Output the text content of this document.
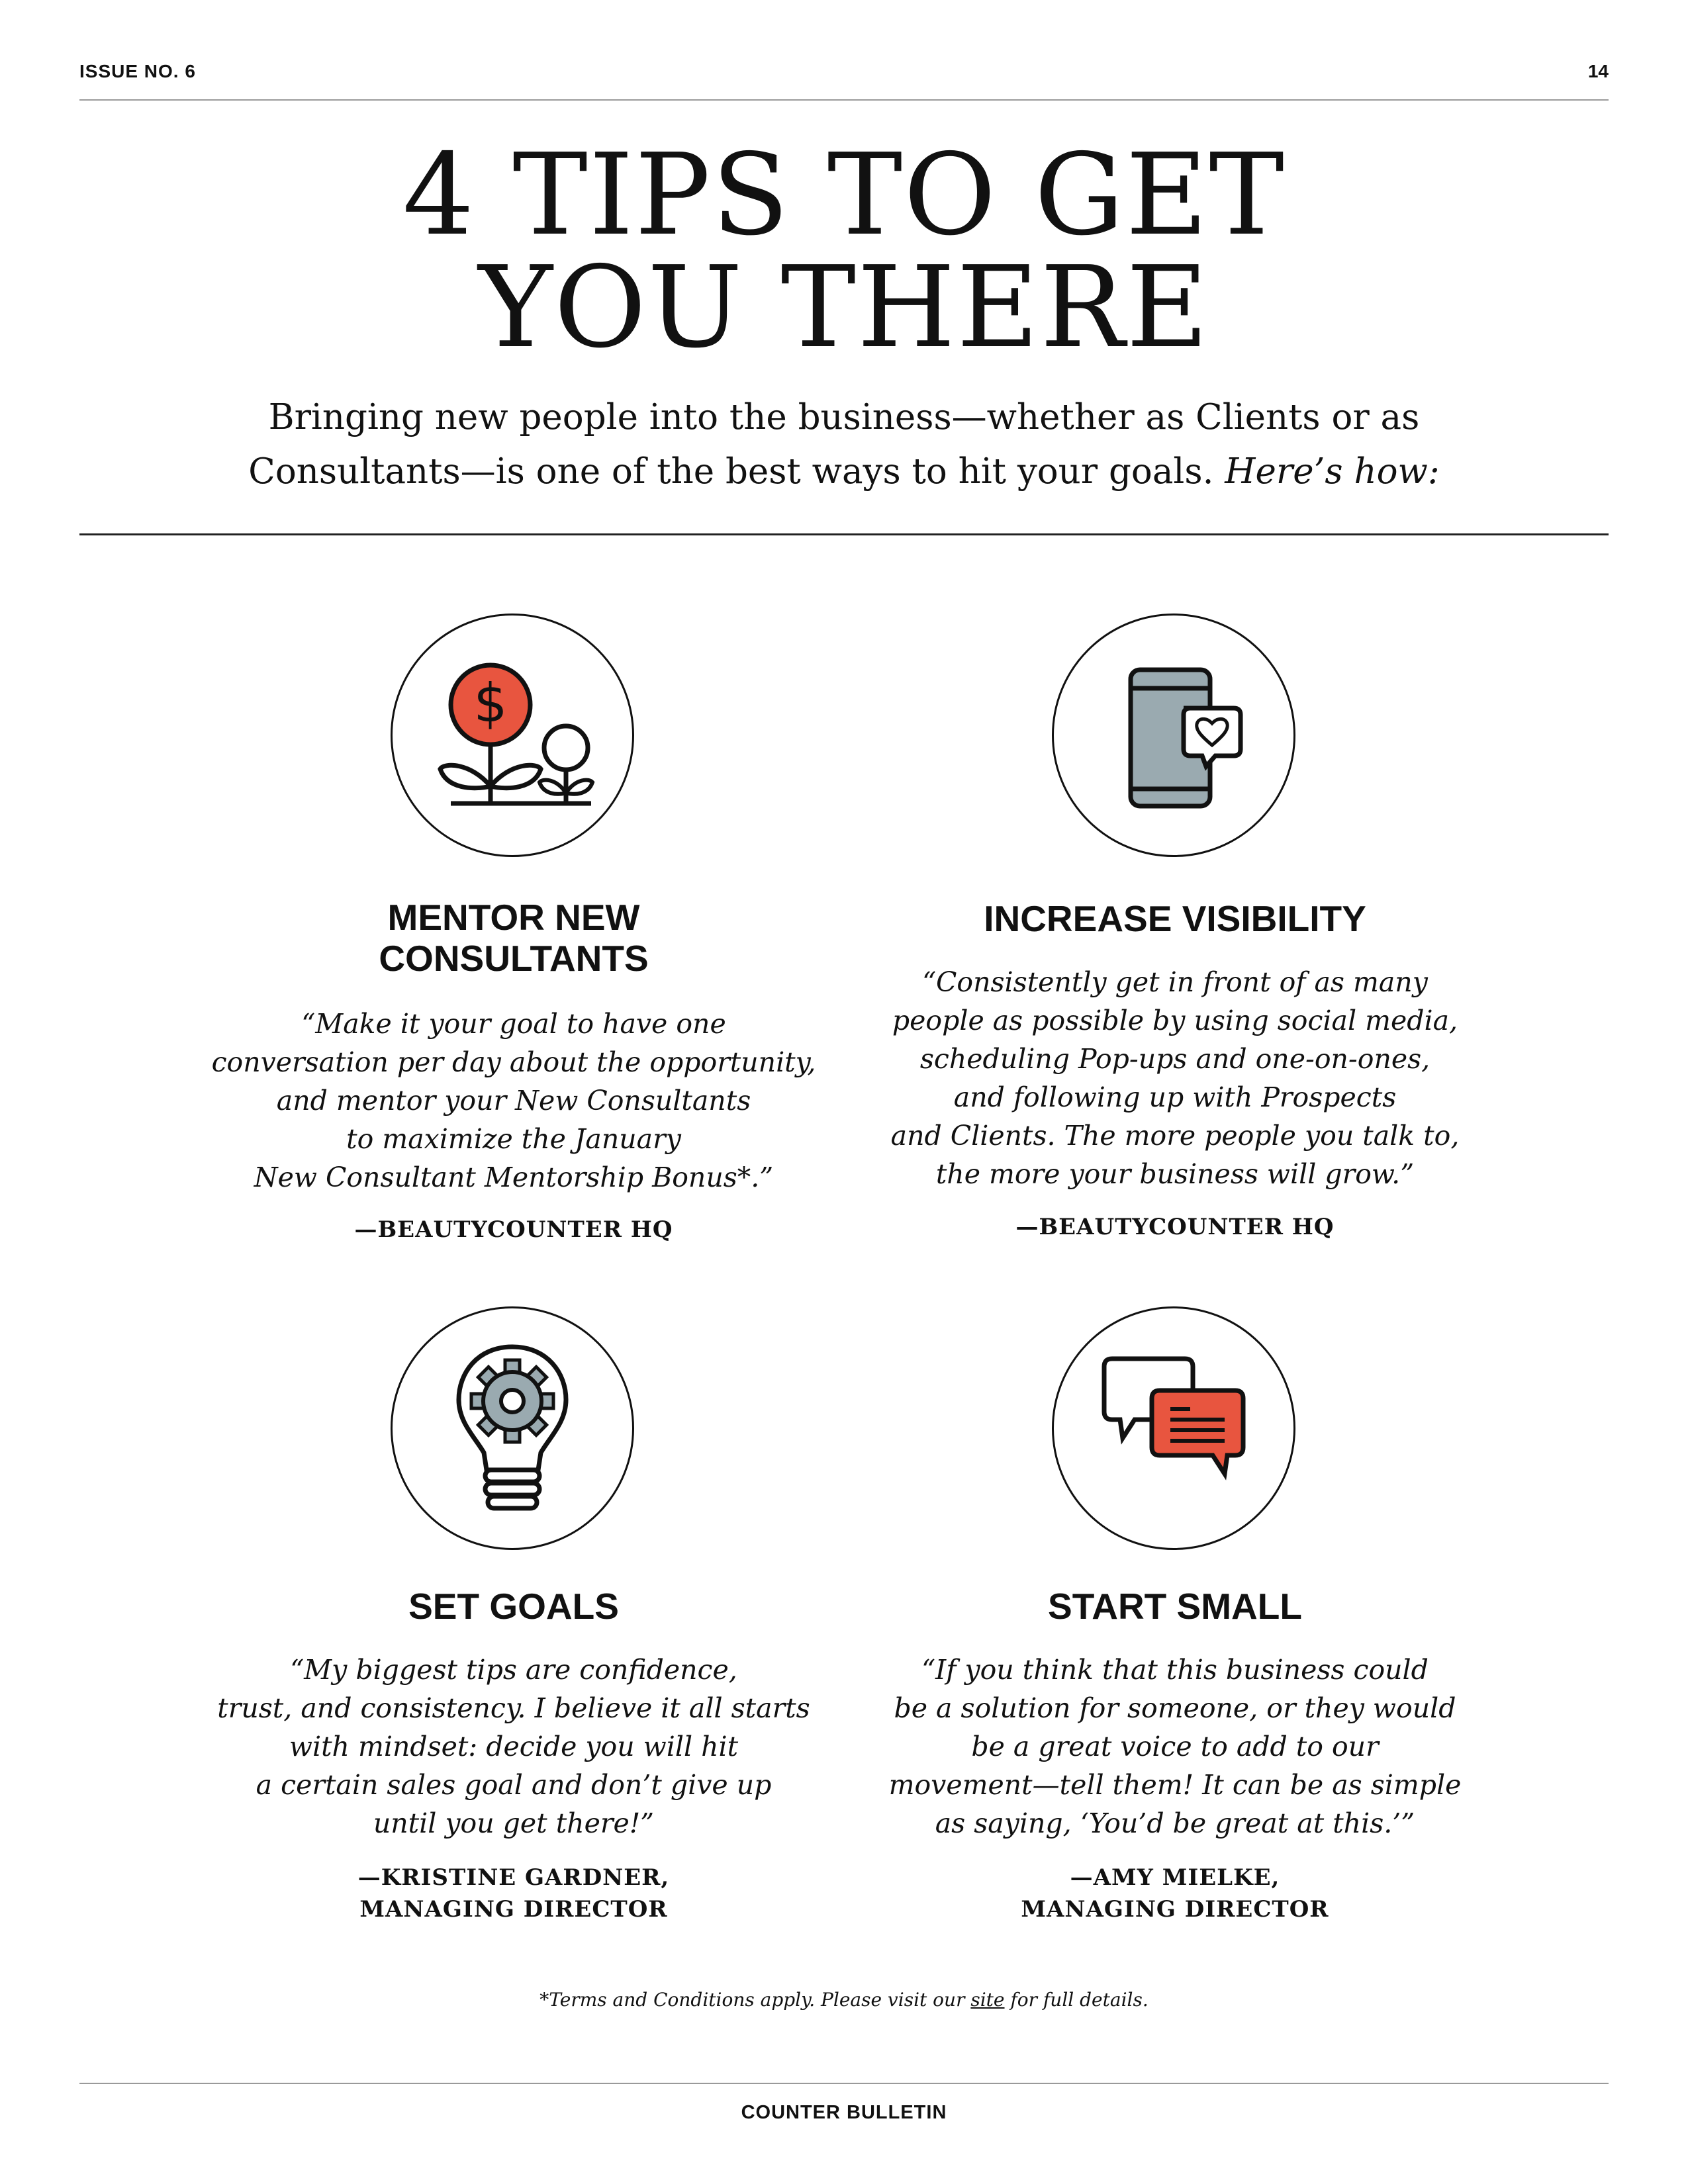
ISSUE NO. 6	14
4 TIPS TO GET
YOU THERE

Bringing new people into the business—whether as Clients or as
Consultants—is one of the best ways to hit your goals. Here’s how:

$
MENTOR NEW
CONSULTANTS
“Make it your goal to have one
conversation per day about the opportunity,
and mentor your New Consultants
to maximize the January
New Consultant Mentorship Bonus*.”
—BEAUTYCOUNTER HQ
INCREASE VISIBILITY
“Consistently get in front of as many
people as possible by using social media,
scheduling Pop-ups and one-on-ones,
and following up with Prospects
and Clients. The more people you talk to,
the more your business will grow.”
—BEAUTYCOUNTER HQ
SET GOALS
“My biggest tips are confidence,
trust, and consistency. I believe it all starts
with mindset: decide you will hit
a certain sales goal and don’t give up
until you get there!”
—KRISTINE GARDNER,
MANAGING DIRECTOR
START SMALL
“If you think that this business could
be a solution for someone, or they would
be a great voice to add to our
movement—tell them! It can be as simple
as saying, ‘You’d be great at this.’”
—AMY MIELKE,
MANAGING DIRECTOR
*Terms and Conditions apply. Please visit our site for full details.
COUNTER BULLETIN
